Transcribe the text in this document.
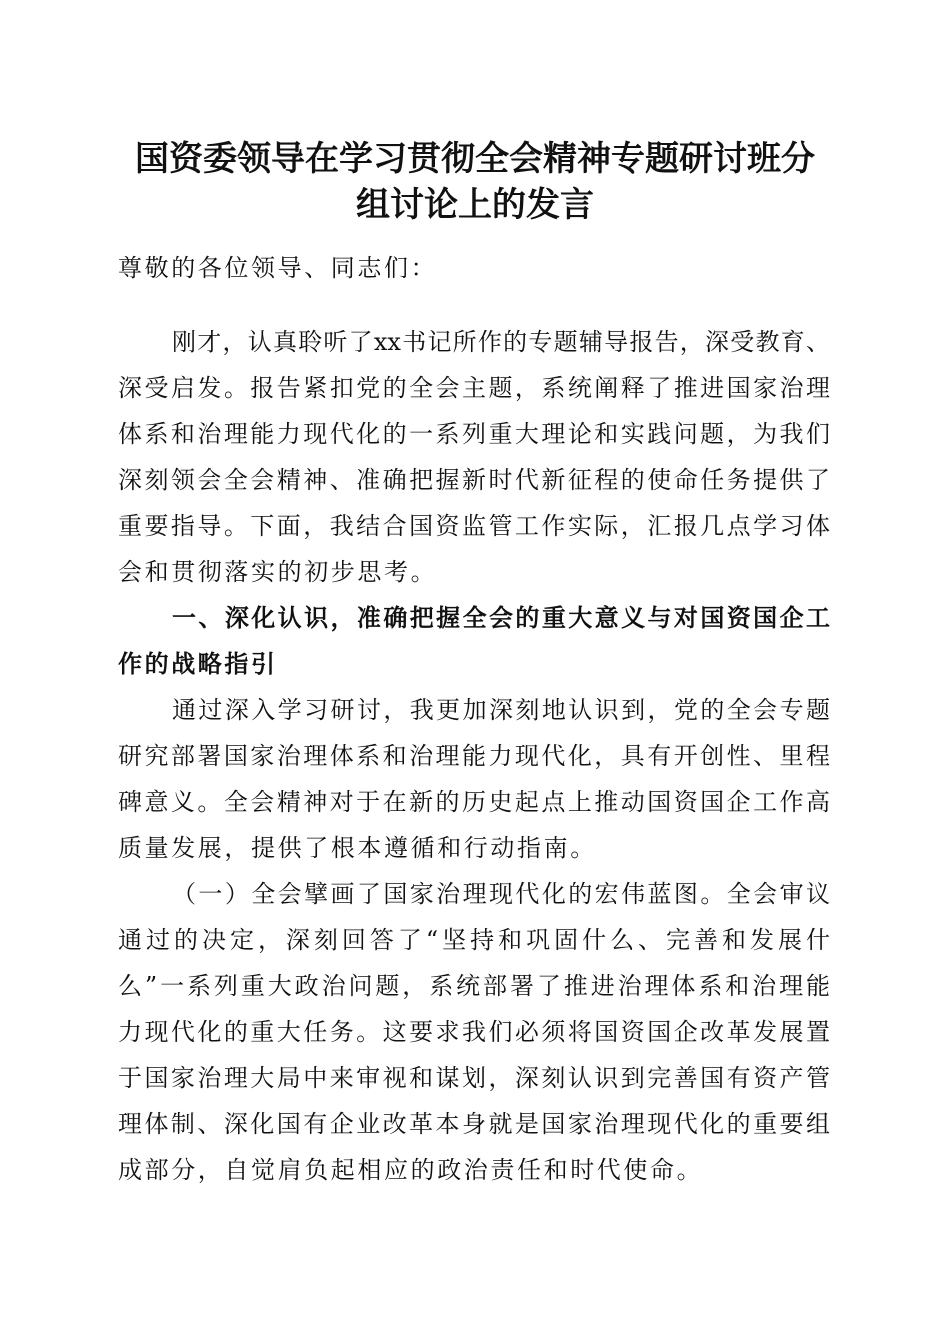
国资委领导在学习贯彻全会精神专题研讨班分
组讨论上的发言
尊敬的各位领导、同志们：
刚才，认真聆听了xx书记所作的专题辅导报告，深受教育、
深受启发。报告紧扣党的全会主题，系统阐释了推进国家治理
体系和治理能力现代化的一系列重大理论和实践问题，为我们
深刻领会全会精神、准确把握新时代新征程的使命任务提供了
重要指导。下面，我结合国资监管工作实际，汇报几点学习体
会和贯彻落实的初步思考。
一、深化认识，准确把握全会的重大意义与对国资国企工
作的战略指引
通过深入学习研讨，我更加深刻地认识到，党的全会专题
研究部署国家治理体系和治理能力现代化，具有开创性、里程
碑意义。全会精神对于在新的历史起点上推动国资国企工作高
质量发展，提供了根本遵循和行动指南。
（一）全会擘画了国家治理现代化的宏伟蓝图。全会审议
通过的决定，深刻回答了“坚持和巩固什么、完善和发展什
么”一系列重大政治问题，系统部署了推进治理体系和治理能
力现代化的重大任务。这要求我们必须将国资国企改革发展置
于国家治理大局中来审视和谋划，深刻认识到完善国有资产管
理体制、深化国有企业改革本身就是国家治理现代化的重要组
成部分，自觉肩负起相应的政治责任和时代使命。
